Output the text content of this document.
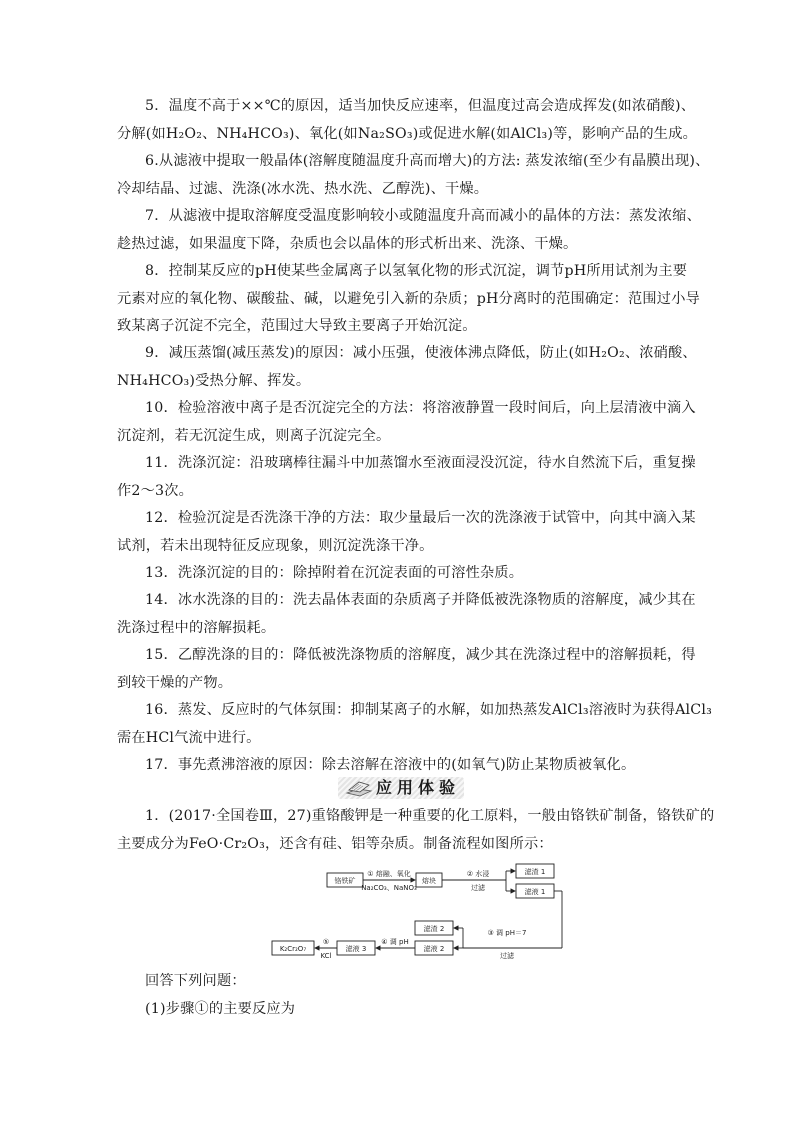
5．温度不高于××℃的原因，适当加快反应速率，但温度过高会造成挥发(如浓硝酸)、
分解(如H₂O₂、NH₄HCO₃)、氧化(如Na₂SO₃)或促进水解(如AlCl₃)等，影响产品的生成。
6.从滤液中提取一般晶体(溶解度随温度升高而增大)的方法: 蒸发浓缩(至少有晶膜出现)、
冷却结晶、过滤、洗涤(冰水洗、热水洗、乙醇洗)、干燥。
7．从滤液中提取溶解度受温度影响较小或随温度升高而减小的晶体的方法：蒸发浓缩、
趁热过滤，如果温度下降，杂质也会以晶体的形式析出来、洗涤、干燥。
8．控制某反应的pH使某些金属离子以氢氧化物的形式沉淀，调节pH所用试剂为主要
元素对应的氧化物、碳酸盐、碱，以避免引入新的杂质；pH分离时的范围确定：范围过小导
致某离子沉淀不完全，范围过大导致主要离子开始沉淀。
9．减压蒸馏(减压蒸发)的原因：减小压强，使液体沸点降低，防止(如H₂O₂、浓硝酸、
NH₄HCO₃)受热分解、挥发。
10．检验溶液中离子是否沉淀完全的方法：将溶液静置一段时间后，向上层清液中滴入
沉淀剂，若无沉淀生成，则离子沉淀完全。
11．洗涤沉淀：沿玻璃棒往漏斗中加蒸馏水至液面浸没沉淀，待水自然流下后，重复操
作2～3次。
12．检验沉淀是否洗涤干净的方法：取少量最后一次的洗涤液于试管中，向其中滴入某
试剂，若未出现特征反应现象，则沉淀洗涤干净。
13．洗涤沉淀的目的：除掉附着在沉淀表面的可溶性杂质。
14．冰水洗涤的目的：洗去晶体表面的杂质离子并降低被洗涤物质的溶解度，减少其在
洗涤过程中的溶解损耗。
15．乙醇洗涤的目的：降低被洗涤物质的溶解度，减少其在洗涤过程中的溶解损耗，得
到较干燥的产物。
16．蒸发、反应时的气体氛围：抑制某离子的水解，如加热蒸发AlCl₃溶液时为获得AlCl₃
需在HCl气流中进行。
17．事先煮沸溶液的原因：除去溶解在溶液中的(如氧气)防止某物质被氧化。
应用体验
1．(2017·全国卷Ⅲ，27)重铬酸钾是一种重要的化工原料，一般由铬铁矿制备，铬铁矿的
主要成分为FeO·Cr₂O₃，还含有硅、铝等杂质。制备流程如图所示：
铬铁矿
① 熔融、氧化
Na₂CO₃、NaNO₃
熔块
② 水浸
过滤
滤渣 1
滤液 1
滤渣 2
滤液 2
③ 调 pH＝7
过滤
④ 调 pH
滤液 3
⑤
KCl
K₂Cr₂O₇
回答下列问题：
(1)步骤①的主要反应为
